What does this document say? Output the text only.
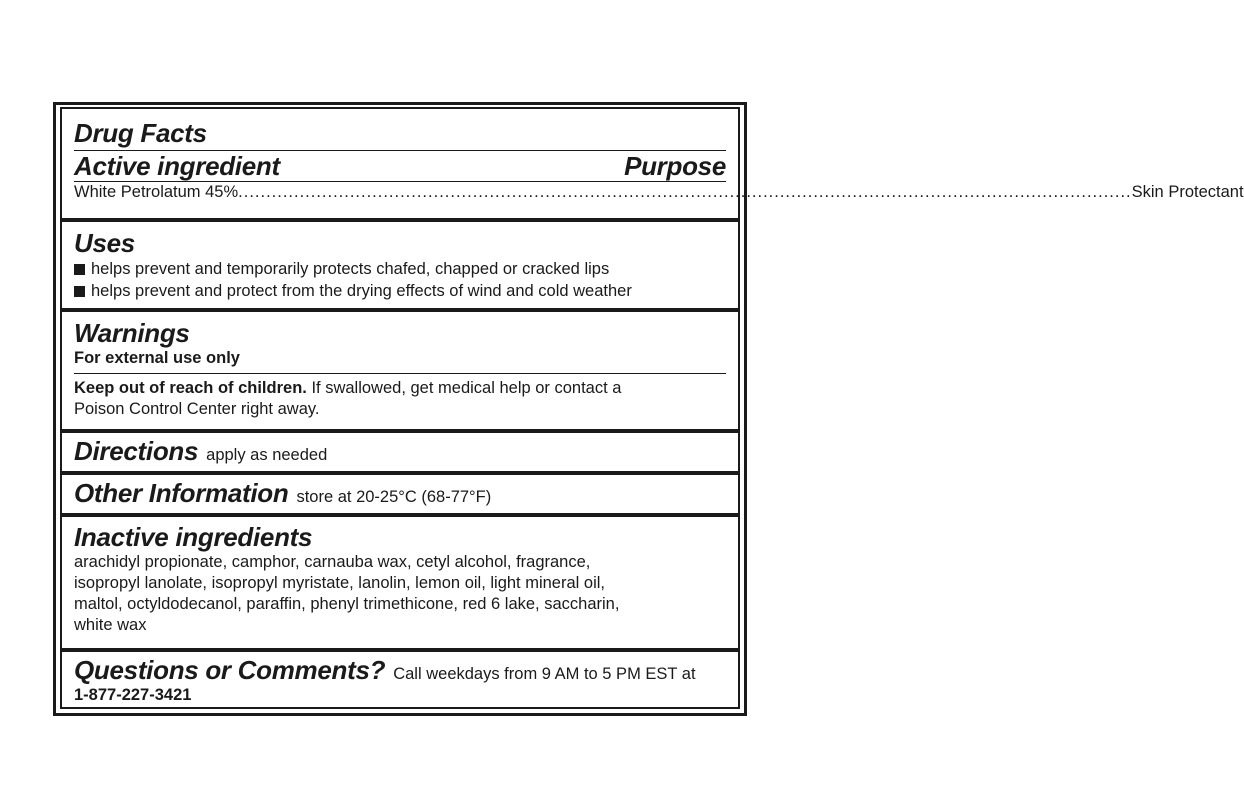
Drug Facts
Active ingredient	Purpose
White Petrolatum 45% ................................................................................................................................................................ Skin Protectant
Uses
helps prevent and temporarily protects chafed, chapped or cracked lips
helps prevent and protect from the drying effects of wind and cold weather
Warnings
For external use only
Keep out of reach of children. If swallowed, get medical help or contact a
Poison Control Center right away.
Directions apply as needed
Other Information store at 20-25°C (68-77°F)
Inactive ingredients
arachidyl propionate, camphor, carnauba wax, cetyl alcohol, fragrance,
isopropyl lanolate, isopropyl myristate, lanolin, lemon oil, light mineral oil,
maltol, octyldodecanol, paraffin, phenyl trimethicone, red 6 lake, saccharin,
white wax
Questions or Comments? Call weekdays from 9 AM to 5 PM EST at
1-877-227-3421
